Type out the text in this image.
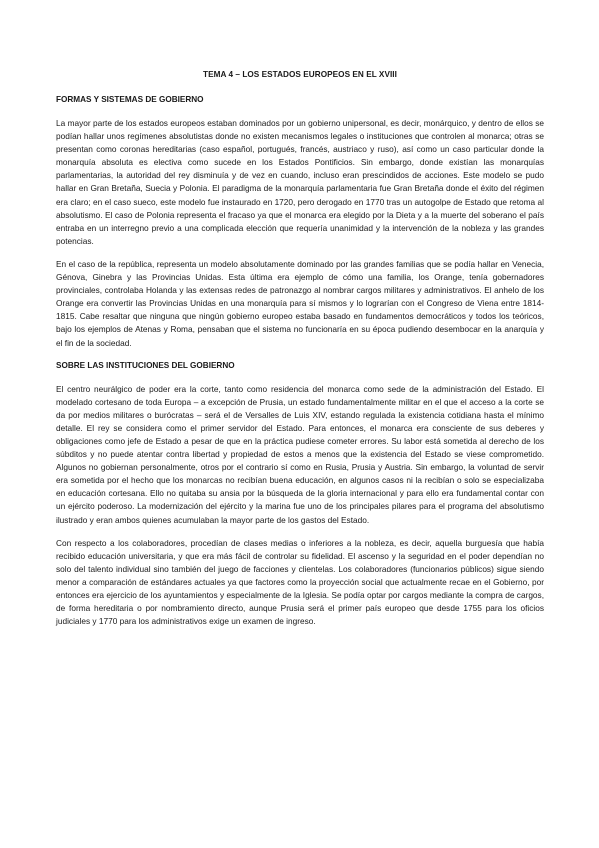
TEMA 4 – LOS ESTADOS EUROPEOS EN EL XVIII
FORMAS Y SISTEMAS DE GOBIERNO

La mayor parte de los estados europeos estaban dominados por un gobierno unipersonal, es decir, monárquico, y dentro de ellos se podían hallar unos regímenes absolutistas donde no existen mecanismos legales o instituciones que controlen al monarca; otras se presentan como coronas hereditarias (caso español, portugués, francés, austriaco y ruso), así como un caso particular donde la monarquía absoluta es electiva como sucede en los Estados Pontificios. Sin embargo, donde existían las monarquías parlamentarias, la autoridad del rey disminuía y de vez en cuando, incluso eran prescindidos de acciones. Este modelo se pudo hallar en Gran Bretaña, Suecia y Polonia. El paradigma de la monarquía parlamentaria fue Gran Bretaña donde el éxito del régimen era claro; en el caso sueco, este modelo fue instaurado en 1720, pero derogado en 1770 tras un autogolpe de Estado que retoma al absolutismo. El caso de Polonia representa el fracaso ya que el monarca era elegido por la Dieta y a la muerte del soberano el país entraba en un interregno previo a una complicada elección que requería unanimidad y la intervención de la nobleza y las grandes potencias.

En el caso de la república, representa un modelo absolutamente dominado por las grandes familias que se podía hallar en Venecia, Génova, Ginebra y las Provincias Unidas. Esta última era ejemplo de cómo una familia, los Orange, tenía gobernadores provinciales, controlaba Holanda y las extensas redes de patronazgo al nombrar cargos militares y administrativos. El anhelo de los Orange era convertir las Provincias Unidas en una monarquía para sí mismos y lo lograrían con el Congreso de Viena entre 1814-1815. Cabe resaltar que ninguna que ningún gobierno europeo estaba basado en fundamentos democráticos y todos los teóricos, bajo los ejemplos de Atenas y Roma, pensaban que el sistema no funcionaría en su época pudiendo desembocar en la anarquía y el fin de la sociedad.

SOBRE LAS INSTITUCIONES DEL GOBIERNO

El centro neurálgico de poder era la corte, tanto como residencia del monarca como sede de la administración del Estado. El modelado cortesano de toda Europa – a excepción de Prusia, un estado fundamentalmente militar en el que el acceso a la corte se da por medios militares o burócratas – será el de Versalles de Luis XIV, estando regulada la existencia cotidiana hasta el mínimo detalle. El rey se considera como el primer servidor del Estado. Para entonces, el monarca era consciente de sus deberes y obligaciones como jefe de Estado a pesar de que en la práctica pudiese cometer errores. Su labor está sometida al derecho de los súbditos y no puede atentar contra libertad y propiedad de estos a menos que la existencia del Estado se viese comprometido. Algunos no gobiernan personalmente, otros por el contrario sí como en Rusia, Prusia y Austria. Sin embargo, la voluntad de servir era sometida por el hecho que los monarcas no recibían buena educación, en algunos casos ni la recibían o solo se especializaba en educación cortesana. Ello no quitaba su ansia por la búsqueda de la gloria internacional y para ello era fundamental contar con un ejército poderoso. La modernización del ejército y la marina fue uno de los principales pilares para el programa del absolutismo ilustrado y eran ambos quienes acumulaban la mayor parte de los gastos del Estado.

Con respecto a los colaboradores, procedían de clases medias o inferiores a la nobleza, es decir, aquella burguesía que había recibido educación universitaria, y que era más fácil de controlar su fidelidad. El ascenso y la seguridad en el poder dependían no solo del talento individual sino también del juego de facciones y clientelas. Los colaboradores (funcionarios públicos) sigue siendo menor a comparación de estándares actuales ya que factores como la proyección social que actualmente recae en el Gobierno, por entonces era ejercicio de los ayuntamientos y especialmente de la Iglesia. Se podía optar por cargos mediante la compra de cargos, de forma hereditaria o por nombramiento directo, aunque Prusia será el primer país europeo que desde 1755 para los oficios judiciales y 1770 para los administrativos exige un examen de ingreso.
